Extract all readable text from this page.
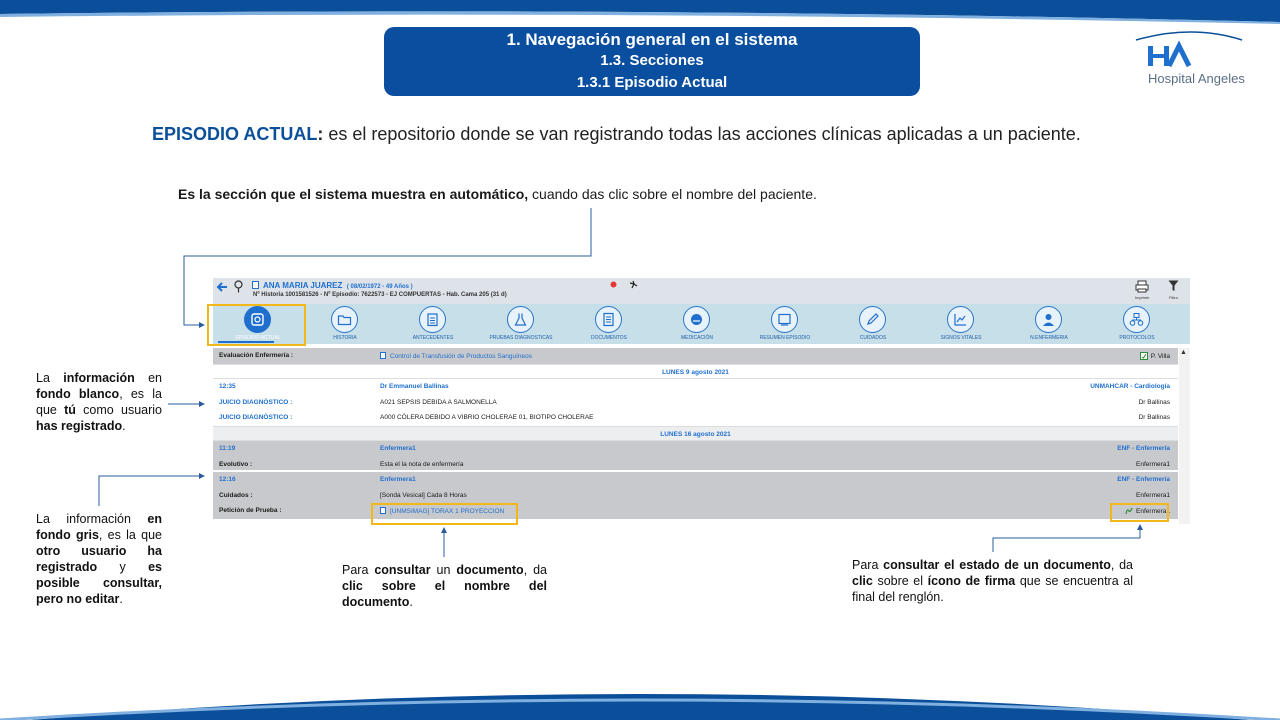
1. Navegación general en el sistema
1.3. Secciones
1.3.1 Episodio Actual	Hospital Angeles
EPISODIO ACTUAL: es el repositorio donde se van registrando todas las acciones clínicas aplicadas a un paciente.
Es la sección que el sistema muestra en automático, cuando das clic sobre el nombre del paciente.
ANA MARIA JUAREZ ( 08/02/1972 - 49 Años )
Nº Historia 1001581526 - Nº Episodio: 7622573 - EJ COMPUERTAS - Hab. Cama 205 (31 d)	Imprimir	Filtro
EPISODIO ACTUAL	HISTORIA	ANTECEDENTES	PRUEBAS DIAGNOSTICAS	DOCUMENTOS	MEDICACIÓN	RESUMEN EPISODIO	CUIDADOS	SIGNOS VITALES	N.ENFERMERIA	PROTOCOLOS
Evaluación Enfermería :	Control de Transfusión de Productos Sanguíneos	P. Villa
LUNES 9 agosto 2021
12:35	Dr Emmanuel Ballinas	UNMAHCAR - Cardiología
JUICIO DIAGNÓSTICO :	A021 SEPSIS DEBIDA A SALMONELLA	Dr Ballinas
JUICIO DIAGNÓSTICO :	A000 CÓLERA DEBIDO A VIBRIO CHOLERAE 01, BIOTIPO CHOLERAE	Dr Ballinas
LUNES 16 agosto 2021
11:19	Enfermera1	ENF - Enfermería
Evolutivo :	Esta el la nota de enfermería	Enfermera1
12:16	Enfermera1	ENF - Enfermería
Cuidados :	[Sonda Vesical] Cada 8 Horas	Enfermera1
Petición de Prueba :	[UNMSIMAG] TORAX 1 PROYECCION	Enfermera1
▲
La información en fondo blanco, es la que tú como usuario has registrado.
La información en fondo gris, es la que otro usuario ha registrado y es posible consultar, pero no editar.
Para consultar un documento, da clic sobre el nombre del documento.
Para consultar el estado de un documento, da clic sobre el ícono de firma que se encuentra al final del renglón.
